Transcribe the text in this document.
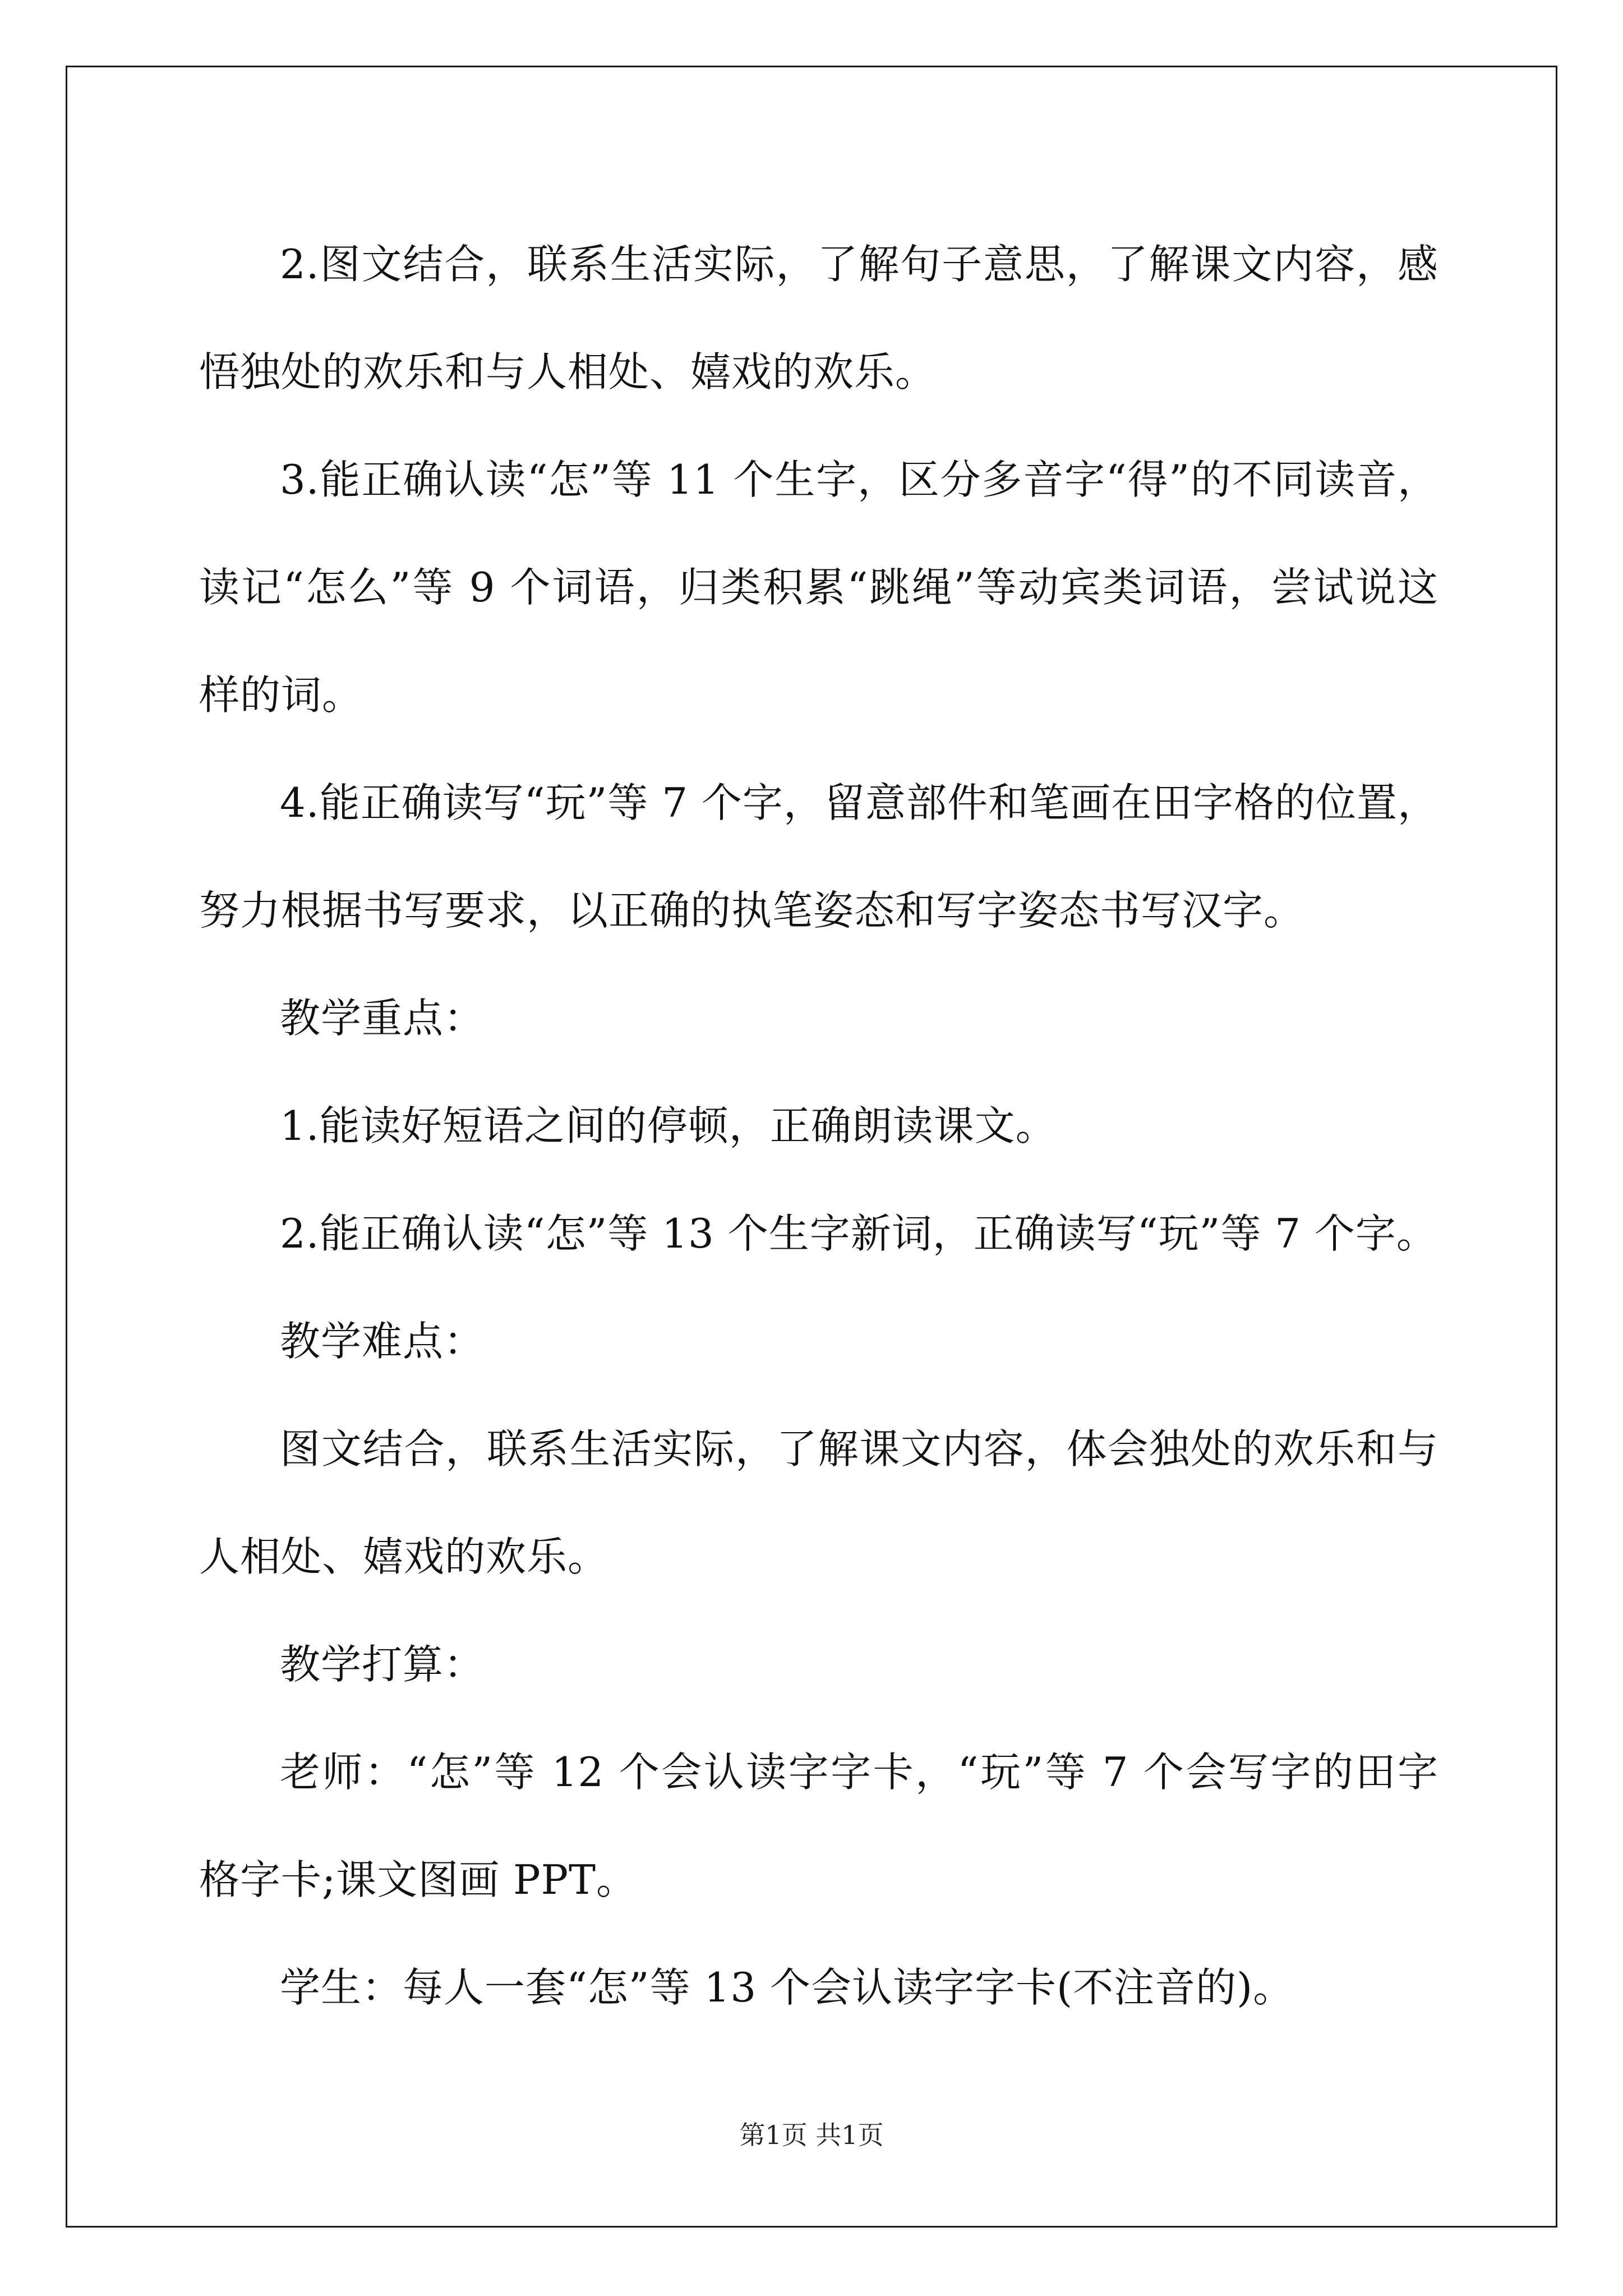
2.图文结合，联系生活实际，了解句子意思，了解课文内容，感悟独处的欢乐和与人相处、嬉戏的欢乐。

3.能正确认读“怎”等 11 个生字，区分多音字“得”的不同读音，读记“怎么”等 9 个词语，归类积累“跳绳”等动宾类词语，尝试说这样的词。

4.能正确读写“玩”等 7 个字，留意部件和笔画在田字格的位置，努力根据书写要求，以正确的执笔姿态和写字姿态书写汉字。

教学重点：

1.能读好短语之间的停顿，正确朗读课文。

2.能正确认读“怎”等 13 个生字新词，正确读写“玩”等 7 个字。

教学难点：

图文结合，联系生活实际，了解课文内容，体会独处的欢乐和与人相处、嬉戏的欢乐。

教学打算：

老师：“怎”等 12 个会认读字字卡，“玩”等 7 个会写字的田字格字卡;课文图画 PPT。

学生：每人一套“怎”等 13 个会认读字字卡(不注音的)。

第1页 共1页
